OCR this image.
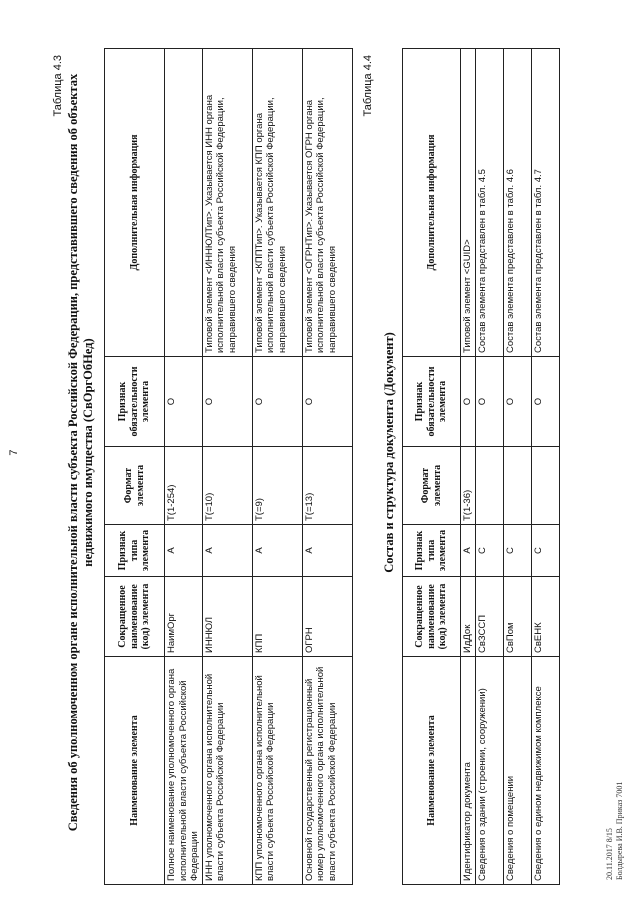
7
Таблица 4.3 Сведения об уполномоченном органе исполнительной власти субъекта Российской Федерации, представившего сведения об объектах недвижимого имущества (СвОргОбНед)
Наименование элемента	Сокращенное наименование (код) элемента	Признак типа элемента	Формат элемента	Признак обязательности элемента	Дополнительная информация
Полное наименование уполномоченного органа исполнительной власти субъекта Российской Федерации	НаимОрг	А	Т(1-254)	О	
ИНН уполномоченного органа исполнительной власти субъекта Российской Федерации	ИННЮЛ	А	Т(=10)	О	Типовой элемент <ИННЮЛТип>. Указывается ИНН органа исполнительной власти субъекта Российской Федерации, направившего сведения
КПП уполномоченного органа исполнительной власти субъекта Российской Федерации	КПП	А	Т(=9)	О	Типовой элемент <КППТип>. Указывается КПП органа исполнительной власти субъекта Российской Федерации, направившего сведения
Основной государственный регистрационный номер уполномоченного органа исполнительной власти субъекта Российской Федерации	ОГРН	А	Т(=13)	О	Типовой элемент <ОГРНТип>. Указывается ОГРН органа исполнительной власти субъекта Российской Федерации, направившего сведения
Таблица 4.4
Состав и структура документа (Документ)
Наименование элемента	Сокращенное наименование (код) элемента	Признак типа элемента	Формат элемента	Признак обязательности элемента	Дополнительная информация
Идентификатор документа	ИдДок	А	Т(1-36)	О	Типовой элемент <GUID>
Сведения о здании (строении, сооружении)	СвЗССП	С		О	Состав элемента представлен в табл. 4.5
Сведения о помещении	СвПом	С		О	Состав элемента представлен в табл. 4.6
Сведения о едином недвижимом комплексе	СвЕНК	С		О	Состав элемента представлен в табл. 4.7
20.11.2017 8/15 Болдырева И.В. Приказ 7001
